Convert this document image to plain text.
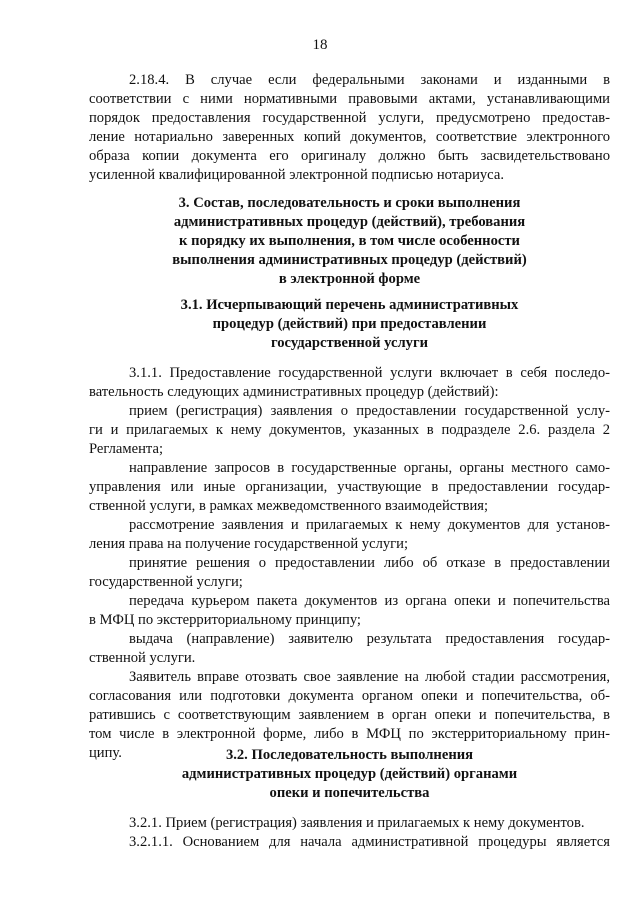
18
2.18.4. В случае если федеральными законами и изданными в
соответствии с ними нормативными правовыми актами, устанавливающими
порядок предоставления государственной услуги, предусмотрено предостав-
ление нотариально заверенных копий документов, соответствие электронного
образа копии документа его оригиналу должно быть засвидетельствовано
усиленной квалифицированной электронной подписью нотариуса.
3. Состав, последовательность и сроки выполнения
административных процедур (действий), требования
к порядку их выполнения, в том числе особенности
выполнения административных процедур (действий)
в электронной форме
3.1. Исчерпывающий перечень административных
процедур (действий) при предоставлении
государственной услуги
3.1.1. Предоставление государственной услуги включает в себя последо-
вательность следующих административных процедур (действий):
прием (регистрация) заявления о предоставлении государственной услу-
ги и прилагаемых к нему документов, указанных в подразделе 2.6. раздела 2
Регламента;
направление запросов в государственные органы, органы местного само-
управления или иные организации, участвующие в предоставлении государ-
ственной услуги, в рамках межведомственного взаимодействия;
рассмотрение заявления и прилагаемых к нему документов для установ-
ления права на получение государственной услуги;
принятие решения о предоставлении либо об отказе в предоставлении
государственной услуги;
передача курьером пакета документов из органа опеки и попечительства
в МФЦ по экстерриториальному принципу;
выдача (направление) заявителю результата предоставления государ-
ственной услуги.
Заявитель вправе отозвать свое заявление на любой стадии рассмотрения,
согласования или подготовки документа органом опеки и попечительства, об-
ратившись с соответствующим заявлением в орган опеки и попечительства, в
том числе в электронной форме, либо в МФЦ по экстерриториальному прин-
ципу.	3.2. Последовательность выполнения
административных процедур (действий) органами
опеки и попечительства
3.2.1. Прием (регистрация) заявления и прилагаемых к нему документов.
3.2.1.1. Основанием для начала административной процедуры является
